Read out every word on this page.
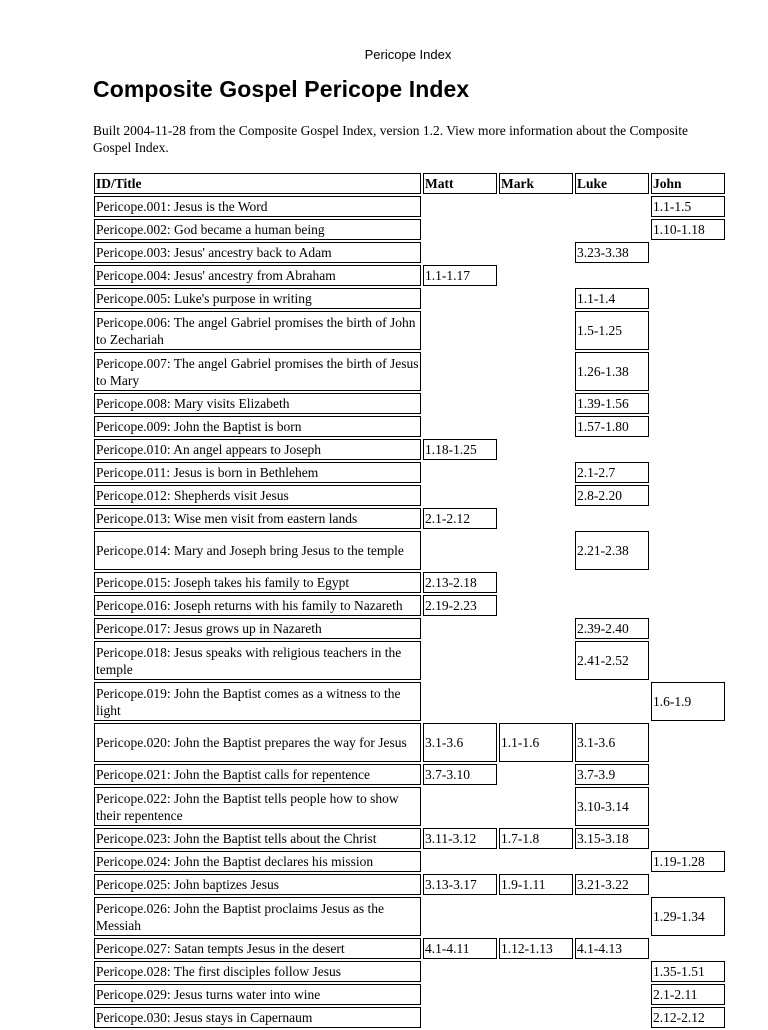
Pericope Index
Composite Gospel Pericope Index

Built 2004-11-28 from the Composite Gospel Index, version 1.2. View more information about the Composite Gospel Index.

ID/Title	Matt	Mark	Luke	John
Pericope.001: Jesus is the Word				1.1-1.5
Pericope.002: God became a human being				1.10-1.18
Pericope.003: Jesus' ancestry back to Adam			3.23-3.38	
Pericope.004: Jesus' ancestry from Abraham	1.1-1.17			
Pericope.005: Luke's purpose in writing			1.1-1.4	
Pericope.006: The angel Gabriel promises the birth of John to Zechariah			1.5-1.25	
Pericope.007: The angel Gabriel promises the birth of Jesus to Mary			1.26-1.38	
Pericope.008: Mary visits Elizabeth			1.39-1.56	
Pericope.009: John the Baptist is born			1.57-1.80	
Pericope.010: An angel appears to Joseph	1.18-1.25			
Pericope.011: Jesus is born in Bethlehem			2.1-2.7	
Pericope.012: Shepherds visit Jesus			2.8-2.20	
Pericope.013: Wise men visit from eastern lands	2.1-2.12			
Pericope.014: Mary and Joseph bring Jesus to the temple			2.21-2.38	
Pericope.015: Joseph takes his family to Egypt	2.13-2.18			
Pericope.016: Joseph returns with his family to Nazareth	2.19-2.23			
Pericope.017: Jesus grows up in Nazareth			2.39-2.40	
Pericope.018: Jesus speaks with religious teachers in the temple			2.41-2.52	
Pericope.019: John the Baptist comes as a witness to the light				1.6-1.9
Pericope.020: John the Baptist prepares the way for Jesus	3.1-3.6	1.1-1.6	3.1-3.6	
Pericope.021: John the Baptist calls for repentence	3.7-3.10		3.7-3.9	
Pericope.022: John the Baptist tells people how to show their repentence			3.10-3.14	
Pericope.023: John the Baptist tells about the Christ	3.11-3.12	1.7-1.8	3.15-3.18	
Pericope.024: John the Baptist declares his mission				1.19-1.28
Pericope.025: John baptizes Jesus	3.13-3.17	1.9-1.11	3.21-3.22	
Pericope.026: John the Baptist proclaims Jesus as the Messiah				1.29-1.34
Pericope.027: Satan tempts Jesus in the desert	4.1-4.11	1.12-1.13	4.1-4.13	
Pericope.028: The first disciples follow Jesus				1.35-1.51
Pericope.029: Jesus turns water into wine				2.1-2.11
Pericope.030: Jesus stays in Capernaum				2.12-2.12
